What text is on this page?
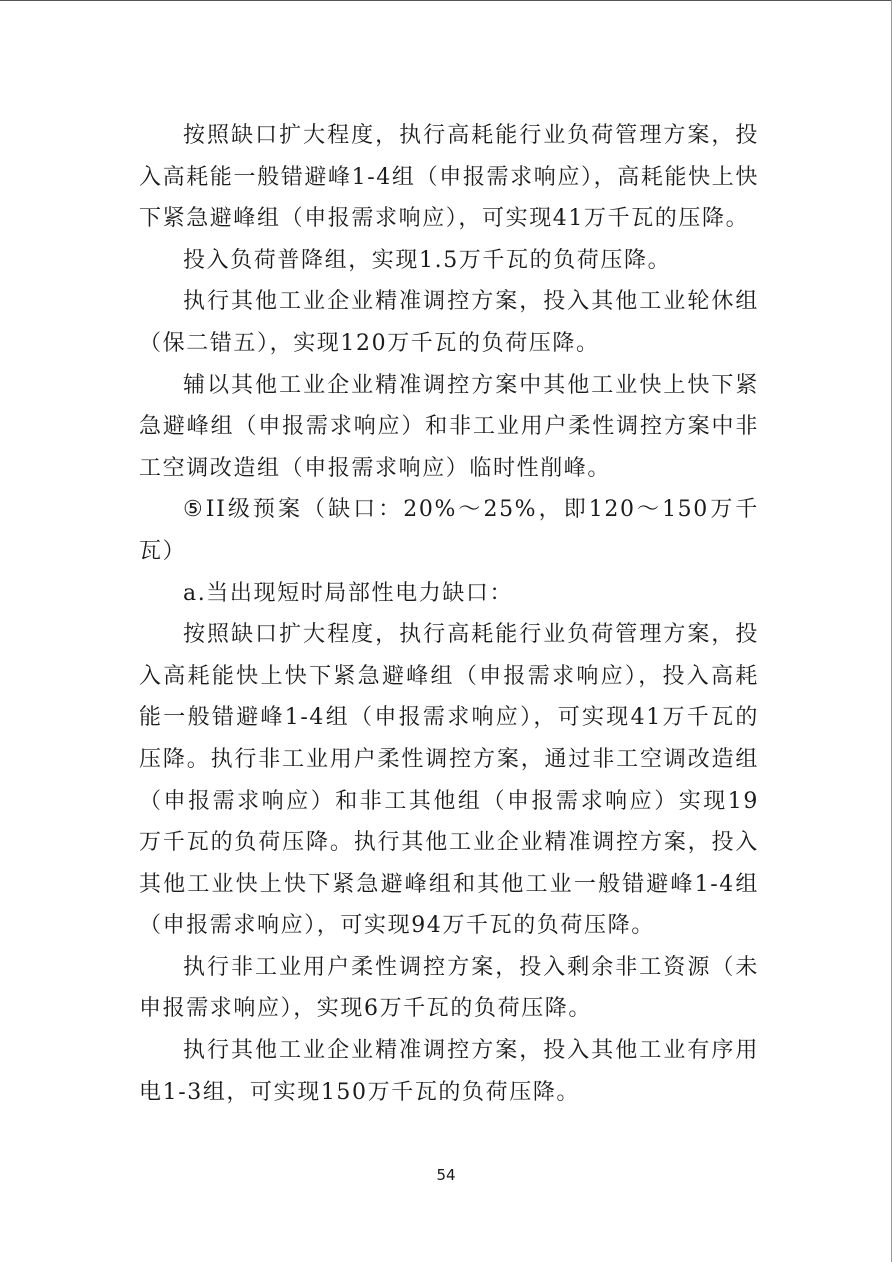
按照缺口扩大程度，执行高耗能行业负荷管理方案，投入高耗能一般错避峰1-4组（申报需求响应），高耗能快上快下紧急避峰组（申报需求响应），可实现41万千瓦的压降。

投入负荷普降组，实现1.5万千瓦的负荷压降。

执行其他工业企业精准调控方案，投入其他工业轮休组（保二错五），实现120万千瓦的负荷压降。

辅以其他工业企业精准调控方案中其他工业快上快下紧急避峰组（申报需求响应）和非工业用户柔性调控方案中非工空调改造组（申报需求响应）临时性削峰。

⑤II级预案（缺口：20%～25%，即120～150万千瓦）

a.当出现短时局部性电力缺口：

按照缺口扩大程度，执行高耗能行业负荷管理方案，投入高耗能快上快下紧急避峰组（申报需求响应），投入高耗能一般错避峰1-4组（申报需求响应），可实现41万千瓦的压降。执行非工业用户柔性调控方案，通过非工空调改造组（申报需求响应）和非工其他组（申报需求响应）实现19万千瓦的负荷压降。执行其他工业企业精准调控方案，投入其他工业快上快下紧急避峰组和其他工业一般错避峰1-4组（申报需求响应），可实现94万千瓦的负荷压降。

执行非工业用户柔性调控方案，投入剩余非工资源（未申报需求响应），实现6万千瓦的负荷压降。

执行其他工业企业精准调控方案，投入其他工业有序用电1-3组，可实现150万千瓦的负荷压降。

54
